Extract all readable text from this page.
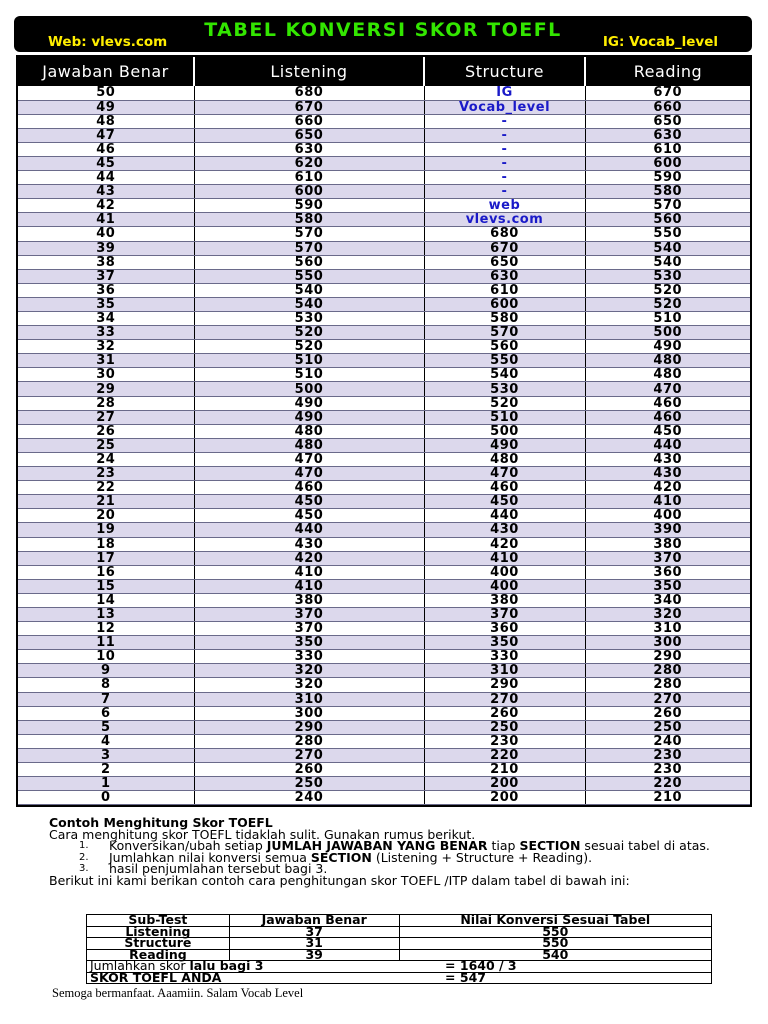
TABEL KONVERSI SKOR TOEFL
Web: vlevs.com	IG: Vocab_level
Jawaban Benar	Listening	Structure	Reading
50	680	IG	670
49	670	Vocab_level	660
48	660	-	650
47	650	-	630
46	630	-	610
45	620	-	600
44	610	-	590
43	600	-	580
42	590	web	570
41	580	vlevs.com	560
40	570	680	550
39	570	670	540
38	560	650	540
37	550	630	530
36	540	610	520
35	540	600	520
34	530	580	510
33	520	570	500
32	520	560	490
31	510	550	480
30	510	540	480
29	500	530	470
28	490	520	460
27	490	510	460
26	480	500	450
25	480	490	440
24	470	480	430
23	470	470	430
22	460	460	420
21	450	450	410
20	450	440	400
19	440	430	390
18	430	420	380
17	420	410	370
16	410	400	360
15	410	400	350
14	380	380	340
13	370	370	320
12	370	360	310
11	350	350	300
10	330	330	290
9	320	310	280
8	320	290	280
7	310	270	270
6	300	260	260
5	290	250	250
4	280	230	240
3	270	220	230
2	260	210	230
1	250	200	220
0	240	200	210
Contoh Menghitung Skor TOEFL
Cara menghitung skor TOEFL tidaklah sulit. Gunakan rumus berikut.
1. Konversikan/ubah setiap JUMLAH JAWABAN YANG BENAR tiap SECTION sesuai tabel di atas.
2. Jumlahkan nilai konversi semua SECTION (Listening + Structure + Reading).
3. hasil penjumlahan tersebut bagi 3.
Berikut ini kami berikan contoh cara penghitungan skor TOEFL /ITP dalam tabel di bawah ini:
Sub-Test	Jawaban Benar	Nilai Konversi Sesuai Tabel
Listening	37	550
Structure	31	550
Reading	39	540
Jumlahkan skor lalu bagi 3		= 1640 / 3
SKOR TOEFL ANDA		= 547
Semoga bermanfaat. Aaamiin. Salam Vocab Level
